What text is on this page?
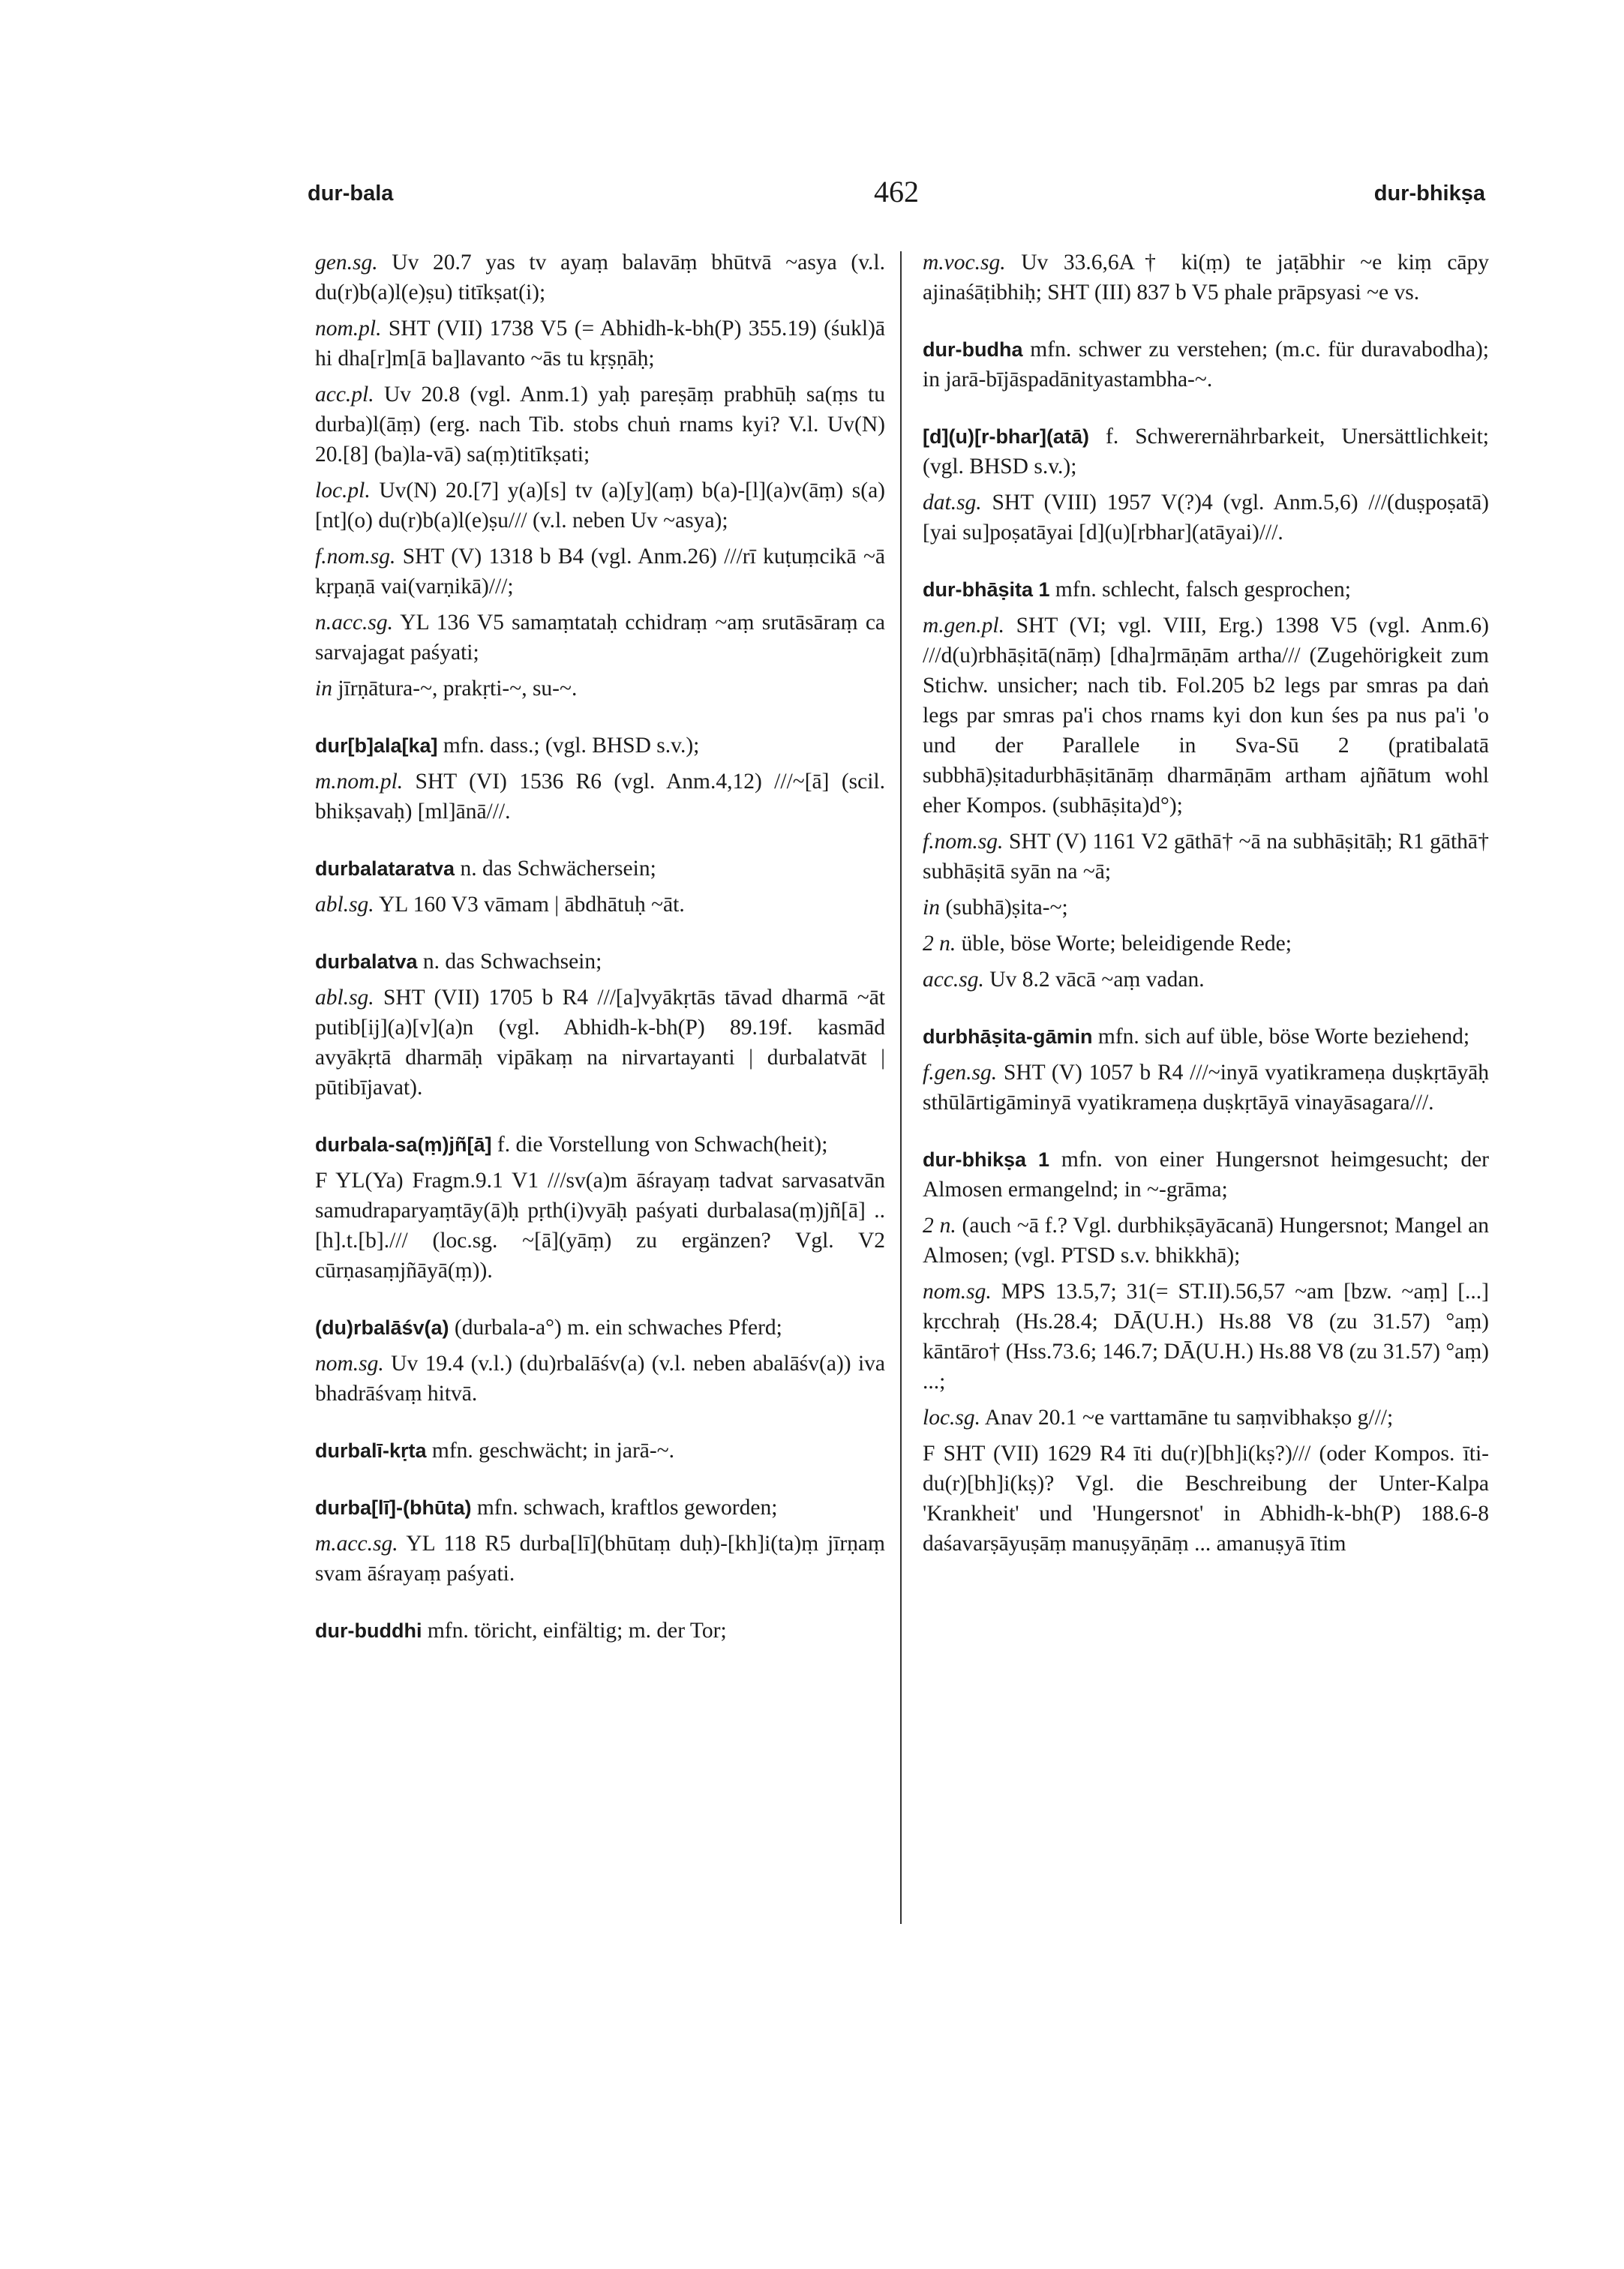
dur-bala	462	dur-bhikṣa
gen.sg. Uv 20.7 yas tv ayaṃ balavāṃ bhūtvā ~asya (v.l. du(r)b(a)l(e)ṣu) titīkṣat(i);
nom.pl. SHT (VII) 1738 V5 (= Abhidh-k-bh(P) 355.19) (śukl)ā hi dha[r]m[ā ba]lavanto ~ās tu kṛṣṇāḥ;
acc.pl. Uv 20.8 (vgl. Anm.1) yaḥ pareṣāṃ prabhūḥ sa(ṃs tu durba)l(āṃ) (erg. nach Tib. stobs chuṅ rnams kyi? V.l. Uv(N) 20.[8] (ba)la-vā) sa(ṃ)titīkṣati;
loc.pl. Uv(N) 20.[7] y(a)[s] tv (a)[y](aṃ) b(a)-[l](a)v(āṃ) s(a)[nt](o) du(r)b(a)l(e)ṣu/// (v.l. neben Uv ~asya);
f.nom.sg. SHT (V) 1318 b B4 (vgl. Anm.26) ///rī kuṭuṃcikā ~ā kṛpaṇā vai(varṇikā)///;
n.acc.sg. YL 136 V5 samaṃtataḥ cchidraṃ ~aṃ srutāsāraṃ ca sarvajagat paśyati;
in jīrṇātura-~, prakṛti-~, su-~.
dur[b]ala[ka] mfn. dass.; (vgl. BHSD s.v.);
m.nom.pl. SHT (VI) 1536 R6 (vgl. Anm.4,12) ///~[ā] (scil. bhikṣavaḥ) [ml]ānā///.
durbalataratva n. das Schwächersein;
abl.sg. YL 160 V3 vāmam | ābdhātuḥ ~āt.
durbalatva n. das Schwachsein;
abl.sg. SHT (VII) 1705 b R4 ///[a]vyākṛtās tāvad dharmā ~āt putib[ij](a)[v](a)n (vgl. Abhidh-k-bh(P) 89.19f. kasmād avyākṛtā dharmāḥ vipākaṃ na nirvartayanti | durbalatvāt | pūtibījavat).
durbala-sa(ṃ)jñ[ā] f. die Vorstellung von Schwach(heit);
F YL(Ya) Fragm.9.1 V1 ///sv(a)m āśrayaṃ tadvat sarvasatvān samudraparyaṃtāy(ā)ḥ pṛth(i)vyāḥ paśyati durbalasa(ṃ)jñ[ā] .. [h].t.[b]./// (loc.sg. ~[ā](yāṃ) zu ergänzen? Vgl. V2 cūrṇasaṃjñāyā(ṃ)).
(du)rbalāśv(a) (durbala-a°) m. ein schwaches Pferd;
nom.sg. Uv 19.4 (v.l.) (du)rbalāśv(a) (v.l. neben abalāśv(a)) iva bhadrāśvaṃ hitvā.
durbalī-kṛta mfn. geschwächt; in jarā-~.
durba[lī]-(bhūta) mfn. schwach, kraftlos geworden;
m.acc.sg. YL 118 R5 durba[lī](bhūtaṃ duḥ)-[kh]i(ta)ṃ jīrṇaṃ svam āśrayaṃ paśyati.
dur-buddhi mfn. töricht, einfältig; m. der Tor;
m.voc.sg. Uv 33.6,6A† ki(ṃ) te jaṭābhir ~e kiṃ cāpy ajinaśāṭibhiḥ; SHT (III) 837 b V5 phale prāpsyasi ~e vs.
dur-budha mfn. schwer zu verstehen; (m.c. für duravabodha); in jarā-bījāspadānityastambha-~.
[d](u)[r-bhar](atā) f. Schwerernährbarkeit, Unersättlichkeit; (vgl. BHSD s.v.);
dat.sg. SHT (VIII) 1957 V(?)4 (vgl. Anm.5,6) ///(duṣpoṣatā)[yai su]poṣatāyai [d](u)[rbhar](atāyai)///.
dur-bhāṣita 1 mfn. schlecht, falsch gesprochen;
m.gen.pl. SHT (VI; vgl. VIII, Erg.) 1398 V5 (vgl. Anm.6) ///d(u)rbhāṣitā(nāṃ) [dha]rmāṇām artha/// (Zugehörigkeit zum Stichw. unsicher; nach tib. Fol.205 b2 legs par smras pa daṅ legs par smras pa'i chos rnams kyi don kun śes pa nus pa'i 'o und der Parallele in Sva-Sū 2 (pratibalatā subbhā)ṣitadurbhāṣitānāṃ dharmāṇām artham ajñātum wohl eher Kompos. (subhāṣita)d°);
f.nom.sg. SHT (V) 1161 V2 gāthā† ~ā na subhāṣitāḥ; R1 gāthā† subhāṣitā syān na ~ā;
in (subhā)ṣita-~;
2 n. üble, böse Worte; beleidigende Rede;
acc.sg. Uv 8.2 vācā ~aṃ vadan.
durbhāṣita-gāmin mfn. sich auf üble, böse Worte beziehend;
f.gen.sg. SHT (V) 1057 b R4 ///~inyā vyatikrameṇa duṣkṛtāyāḥ sthūlārtigāminyā vyatikrameṇa duṣkṛtāyā vinayāsagara///.
dur-bhikṣa 1 mfn. von einer Hungersnot heimgesucht; der Almosen ermangelnd; in ~-grāma;
2 n. (auch ~ā f.? Vgl. durbhikṣāyācanā) Hungersnot; Mangel an Almosen; (vgl. PTSD s.v. bhikkhā);
nom.sg. MPS 13.5,7; 31(= ST.II).56,57 ~am [bzw. ~aṃ] [...] kṛcchraḥ (Hs.28.4; DĀ(U.H.) Hs.88 V8 (zu 31.57) °aṃ) kāntāro† (Hss.73.6; 146.7; DĀ(U.H.) Hs.88 V8 (zu 31.57) °aṃ) ...;
loc.sg. Anav 20.1 ~e varttamāne tu saṃvibhakṣo g///;
F SHT (VII) 1629 R4 īti du(r)[bh]i(kṣ?)/// (oder Kompos. īti-du(r)[bh]i(kṣ)? Vgl. die Beschreibung der Unter-Kalpa 'Krankheit' und 'Hungersnot' in Abhidh-k-bh(P) 188.6-8 daśavarṣāyuṣāṃ manuṣyāṇāṃ ... amanuṣyā ītim
